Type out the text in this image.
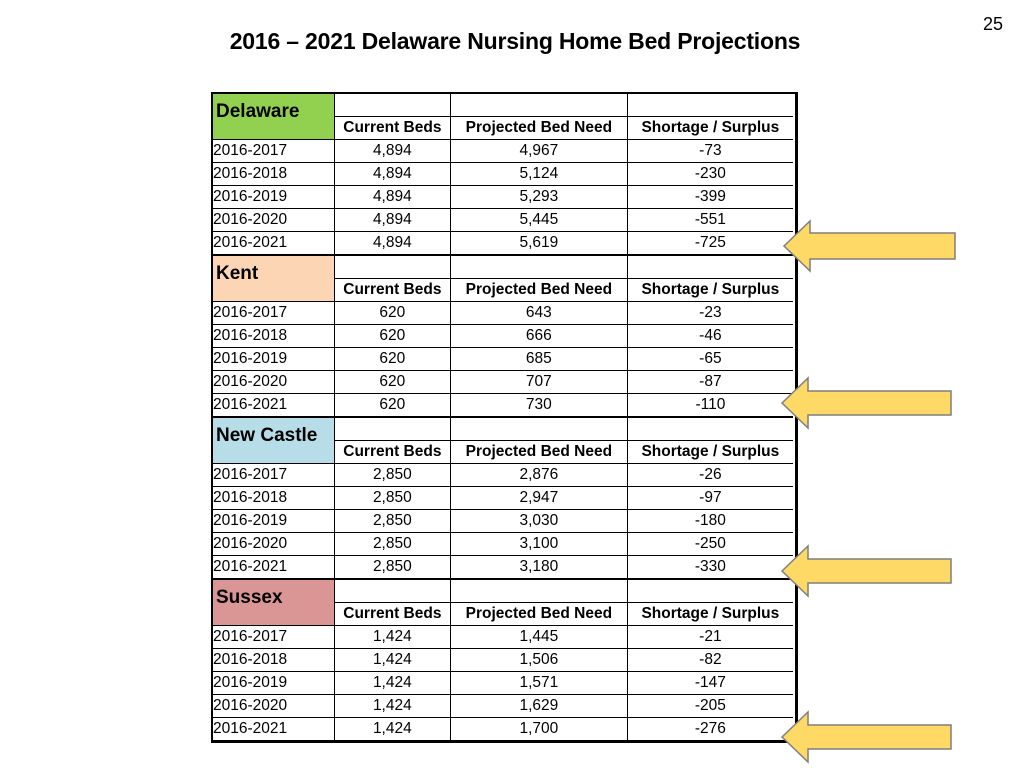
25
2016 – 2021 Delaware Nursing Home Bed Projections
Delaware			
	Current Beds	Projected Bed Need	Shortage / Surplus
2016-2017	4,894	4,967	-73
2016-2018	4,894	5,124	-230
2016-2019	4,894	5,293	-399
2016-2020	4,894	5,445	-551
2016-2021	4,894	5,619	-725
Kent			
	Current Beds	Projected Bed Need	Shortage / Surplus
2016-2017	620	643	-23
2016-2018	620	666	-46
2016-2019	620	685	-65
2016-2020	620	707	-87
2016-2021	620	730	-110
New Castle			
	Current Beds	Projected Bed Need	Shortage / Surplus
2016-2017	2,850	2,876	-26
2016-2018	2,850	2,947	-97
2016-2019	2,850	3,030	-180
2016-2020	2,850	3,100	-250
2016-2021	2,850	3,180	-330
Sussex			
	Current Beds	Projected Bed Need	Shortage / Surplus
2016-2017	1,424	1,445	-21
2016-2018	1,424	1,506	-82
2016-2019	1,424	1,571	-147
2016-2020	1,424	1,629	-205
2016-2021	1,424	1,700	-276
